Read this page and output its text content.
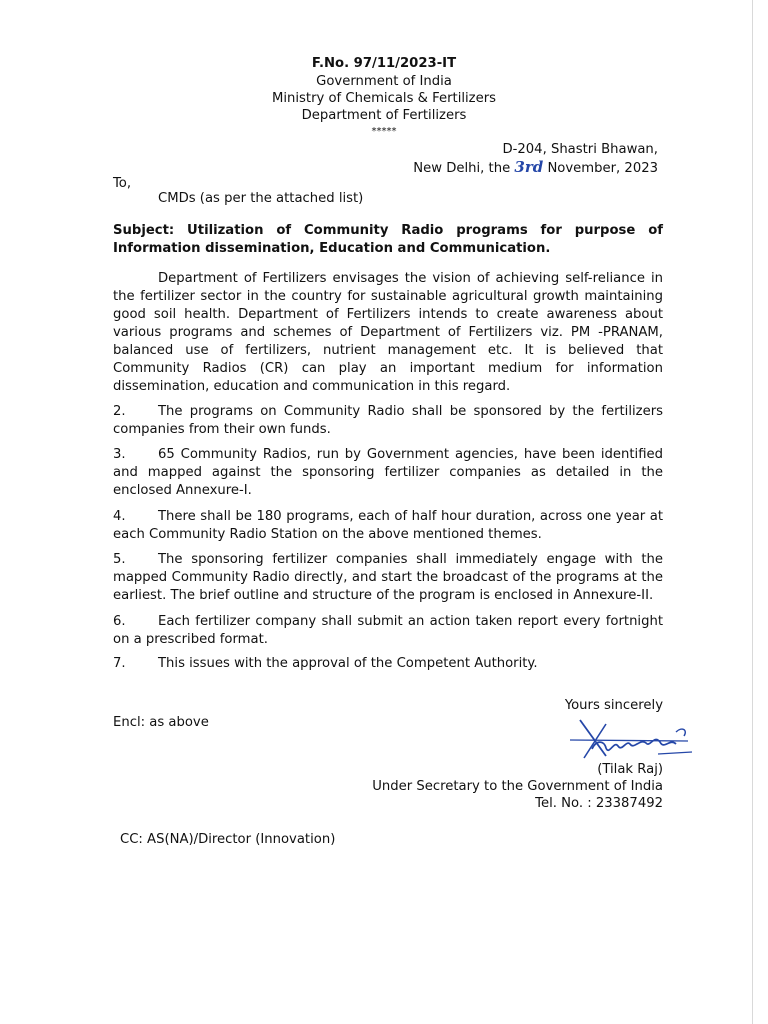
F.No. 97/11/2023-IT
Government of India
Ministry of Chemicals & Fertilizers
Department of Fertilizers
*****
D-204, Shastri Bhawan,
New Delhi, the 3rd November, 2023
To,
CMDs (as per the attached list)
Subject: Utilization of Community Radio programs for purpose of Information dissemination, Education and Communication.
Department of Fertilizers envisages the vision of achieving self-reliance in the fertilizer sector in the country for sustainable agricultural growth maintaining good soil health. Department of Fertilizers intends to create awareness about various programs and schemes of Department of Fertilizers viz. PM -PRANAM, balanced use of fertilizers, nutrient management etc. It is believed that Community Radios (CR) can play an important medium for information dissemination, education and communication in this regard.
2. The programs on Community Radio shall be sponsored by the fertilizers companies from their own funds.
3. 65 Community Radios, run by Government agencies, have been identified and mapped against the sponsoring fertilizer companies as detailed in the enclosed Annexure-I.
4. There shall be 180 programs, each of half hour duration, across one year at each Community Radio Station on the above mentioned themes.
5. The sponsoring fertilizer companies shall immediately engage with the mapped Community Radio directly, and start the broadcast of the programs at the earliest. The brief outline and structure of the program is enclosed in Annexure-II.
6. Each fertilizer company shall submit an action taken report every fortnight on a prescribed format.
7. This issues with the approval of the Competent Authority.
Yours sincerely
Encl: as above
(Tilak Raj)
Under Secretary to the Government of India
Tel. No. : 23387492
CC: AS(NA)/Director (Innovation)
